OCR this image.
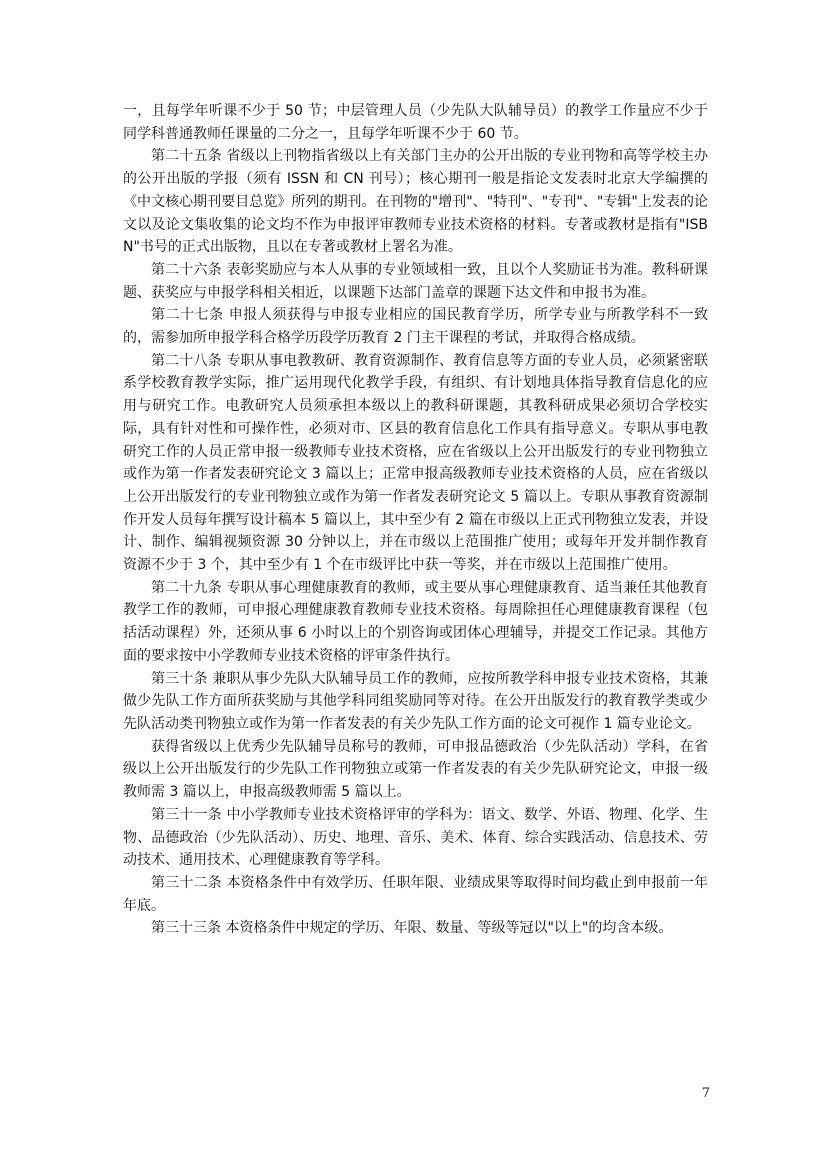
一，且每学年听课不少于 50 节；中层管理人员（少先队大队辅导员）的教学工作量应不少于同学科普通教师任课量的二分之一，且每学年听课不少于 60 节。

第二十五条 省级以上刊物指省级以上有关部门主办的公开出版的专业刊物和高等学校主办的公开出版的学报（须有 ISSN 和 CN 刊号）；核心期刊一般是指论文发表时北京大学编撰的《中文核心期刊要目总览》所列的期刊。在刊物的"增刊"、"特刊"、"专刊"、"专辑"上发表的论文以及论文集收集的论文均不作为申报评审教师专业技术资格的材料。专著或教材是指有"ISBN"书号的正式出版物，且以在专著或教材上署名为准。

第二十六条 表彰奖励应与本人从事的专业领域相一致，且以个人奖励证书为准。教科研课题、获奖应与申报学科相关相近，以课题下达部门盖章的课题下达文件和申报书为准。

第二十七条 申报人须获得与申报专业相应的国民教育学历，所学专业与所教学科不一致的，需参加所申报学科合格学历段学历教育 2 门主干课程的考试，并取得合格成绩。

第二十八条 专职从事电教教研、教育资源制作、教育信息等方面的专业人员，必须紧密联系学校教育教学实际，推广运用现代化教学手段，有组织、有计划地具体指导教育信息化的应用与研究工作。电教研究人员须承担本级以上的教科研课题，其教科研成果必须切合学校实际，具有针对性和可操作性，必须对市、区县的教育信息化工作具有指导意义。专职从事电教研究工作的人员正常申报一级教师专业技术资格，应在省级以上公开出版发行的专业刊物独立或作为第一作者发表研究论文 3 篇以上；正常申报高级教师专业技术资格的人员，应在省级以上公开出版发行的专业刊物独立或作为第一作者发表研究论文 5 篇以上。专职从事教育资源制作开发人员每年撰写设计稿本 5 篇以上，其中至少有 2 篇在市级以上正式刊物独立发表，并设计、制作、编辑视频资源 30 分钟以上，并在市级以上范围推广使用；或每年开发并制作教育资源不少于 3 个，其中至少有 1 个在市级评比中获一等奖，并在市级以上范围推广使用。

第二十九条 专职从事心理健康教育的教师，或主要从事心理健康教育、适当兼任其他教育教学工作的教师，可申报心理健康教育教师专业技术资格。每周除担任心理健康教育课程（包括活动课程）外，还须从事 6 小时以上的个别咨询或团体心理辅导，并提交工作记录。其他方面的要求按中小学教师专业技术资格的评审条件执行。

第三十条 兼职从事少先队大队辅导员工作的教师，应按所教学科申报专业技术资格，其兼做少先队工作方面所获奖励与其他学科同组奖励同等对待。在公开出版发行的教育教学类或少先队活动类刊物独立或作为第一作者发表的有关少先队工作方面的论文可视作 1 篇专业论文。

获得省级以上优秀少先队辅导员称号的教师，可申报品德政治（少先队活动）学科，在省级以上公开出版发行的少先队工作刊物独立或第一作者发表的有关少先队研究论文，申报一级教师需 3 篇以上，申报高级教师需 5 篇以上。

第三十一条 中小学教师专业技术资格评审的学科为：语文、数学、外语、物理、化学、生物、品德政治（少先队活动）、历史、地理、音乐、美术、体育、综合实践活动、信息技术、劳动技术、通用技术、心理健康教育等学科。

第三十二条 本资格条件中有效学历、任职年限、业绩成果等取得时间均截止到申报前一年年底。

第三十三条 本资格条件中规定的学历、年限、数量、等级等冠以"以上"的均含本级。

7
